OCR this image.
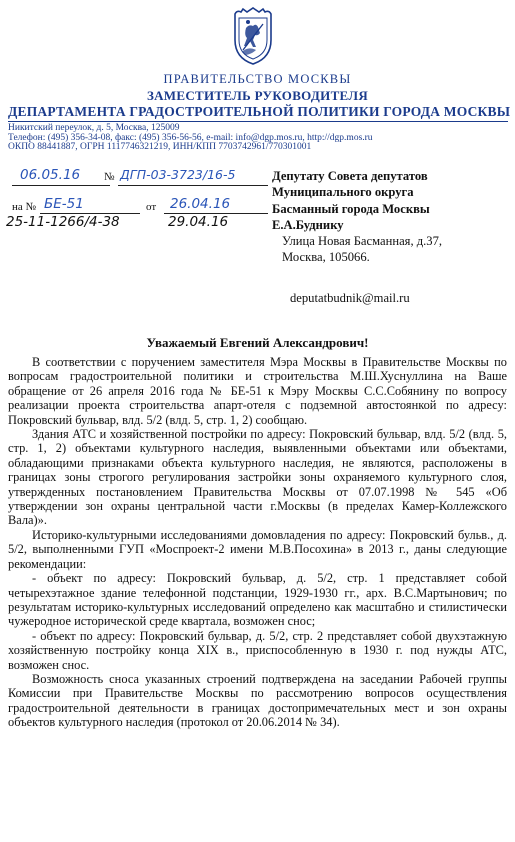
ПРАВИТЕЛЬСТВО МОСКВЫ
ЗАМЕСТИТЕЛЬ РУКОВОДИТЕЛЯ
ДЕПАРТАМЕНТА ГРАДОСТРОИТЕЛЬНОЙ ПОЛИТИКИ ГОРОДА МОСКВЫ
Никитский переулок, д. 5, Москва, 125009
Телефон: (495) 356-34-08, факс: (495) 356-56-56, e-mail: info@dgp.mos.ru, http://dgp.mos.ru
ОКПО 88441887, ОГРН 1117746321219, ИНН/КПП 7703742961/770301001
06.05.16 № ДГП-03-3723/16-5
на № БЕ-51	от 26.04.16
25-11-1266/4-38	29.04.16
Депутату Совета депутатов
Муниципального округа
Басманный города Москвы
Е.А.Буднику
Улица Новая Басманная, д.37,
Москва, 105066.
deputatbudnik@mail.ru
Уважаемый Евгений Александрович!

В соответствии с поручением заместителя Мэра Москвы в Правительстве Москвы по вопросам градостроительной политики и строительства М.Ш.Хуснуллина на Ваше обращение от 26 апреля 2016 года № БЕ-51 к Мэру Москвы С.С.Собянину по вопросу реализации проекта строительства апарт-отеля с подземной автостоянкой по адресу: Покровский бульвар, влд. 5/2 (влд. 5, стр. 1, 2) сообщаю.

Здания АТС и хозяйственной постройки по адресу: Покровский бульвар, влд. 5/2 (влд. 5, стр. 1, 2) объектами культурного наследия, выявленными объектами или объектами, обладающими признаками объекта культурного наследия, не являются, расположены в границах зоны строгого регулирования застройки зоны охраняемого культурного слоя, утвержденных постановлением Правительства Москвы от 07.07.1998 № 545 «Об утверждении зон охраны центральной части г.Москвы (в пределах Камер-Коллежского Вала)».

Историко-культурными исследованиями домовладения по адресу: Покровский бульв., д. 5/2, выполненными ГУП «Моспроект-2 имени М.В.Посохина» в 2013 г., даны следующие рекомендации:

- объект по адресу: Покровский бульвар, д. 5/2, стр. 1 представляет собой четырехэтажное здание телефонной подстанции, 1929-1930 гг., арх. В.С.Мартынович; по результатам историко-культурных исследований определено как масштабно и стилистически чужеродное исторической среде квартала, возможен снос;

- объект по адресу: Покровский бульвар, д. 5/2, стр. 2 представляет собой двухэтажную хозяйственную постройку конца XIX в., приспособленную в 1930 г. под нужды АТС, возможен снос.

Возможность сноса указанных строений подтверждена на заседании Рабочей группы Комиссии при Правительстве Москвы по рассмотрению вопросов осуществления градостроительной деятельности в границах достопримечательных мест и зон охраны объектов культурного наследия (протокол от 20.06.2014 № 34).
